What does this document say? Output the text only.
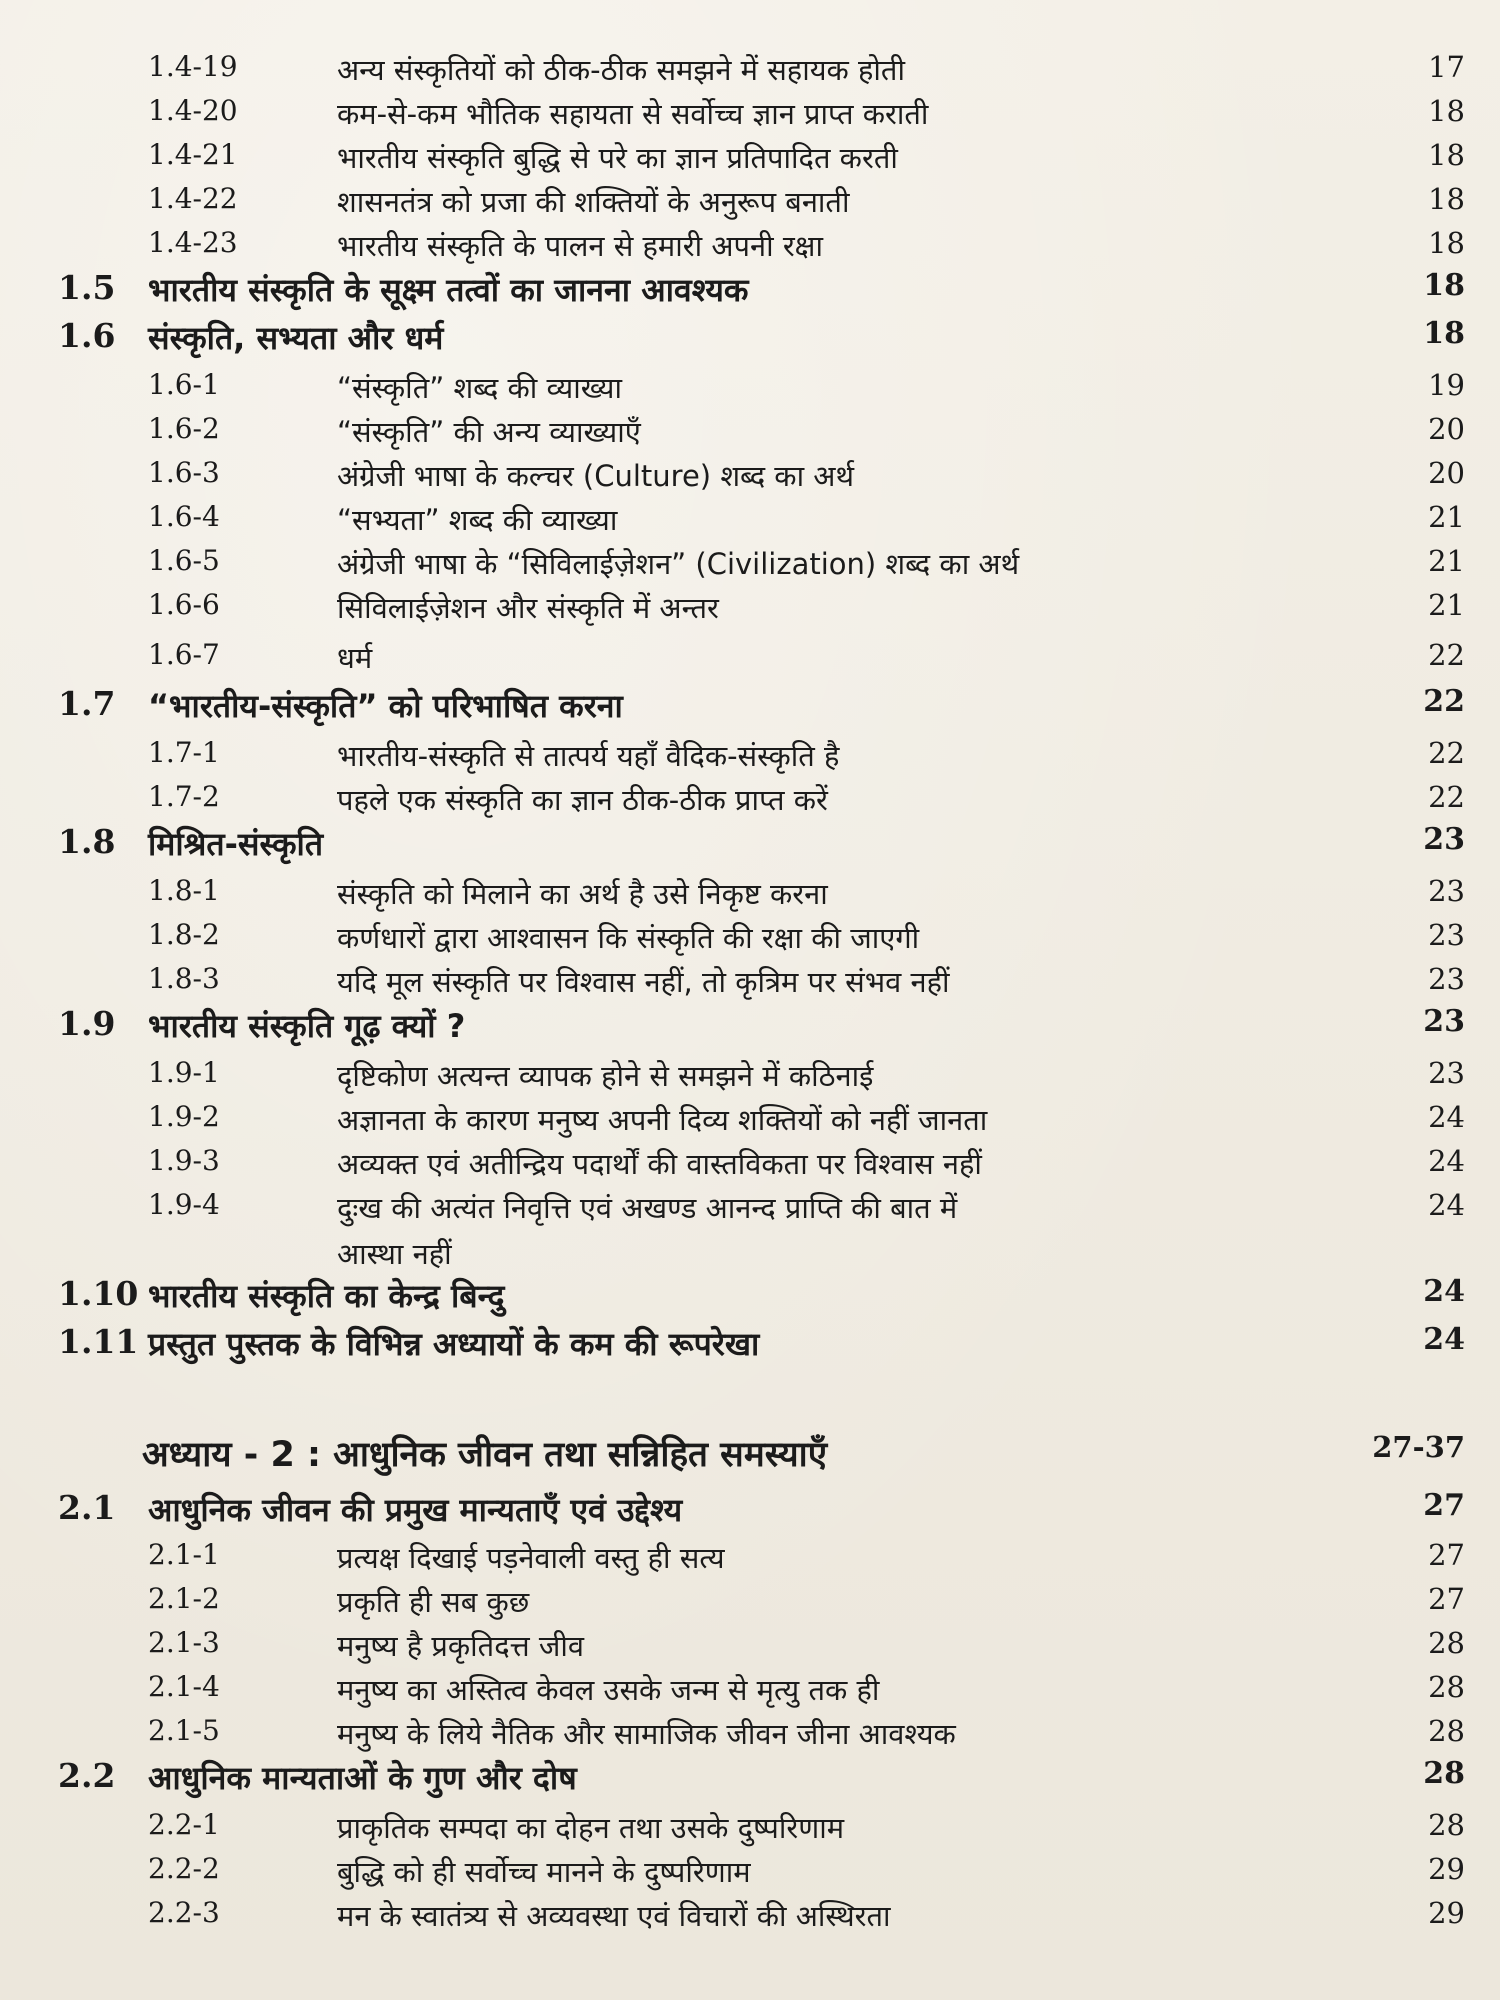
1.4-19	अन्य संस्कृतियों को ठीक-ठीक समझने में सहायक होती	17
1.4-20	कम-से-कम भौतिक सहायता से सर्वोच्च ज्ञान प्राप्त कराती	18
1.4-21	भारतीय संस्कृति बुद्धि से परे का ज्ञान प्रतिपादित करती	18
1.4-22	शासनतंत्र को प्रजा की शक्तियों के अनुरूप बनाती	18
1.4-23	भारतीय संस्कृति के पालन से हमारी अपनी रक्षा	18
1.5 भारतीय संस्कृति के सूक्ष्म तत्वों का जानना आवश्यक	18
1.6 संस्कृति, सभ्यता और धर्म	18
1.6-1	“संस्कृति” शब्द की व्याख्या	19
1.6-2	“संस्कृति” की अन्य व्याख्याएँ	20
1.6-3	अंग्रेजी भाषा के कल्चर (Culture) शब्द का अर्थ	20
1.6-4	“सभ्यता” शब्द की व्याख्या	21
1.6-5	अंग्रेजी भाषा के “सिविलाईज़ेशन” (Civilization) शब्द का अर्थ	21
1.6-6	सिविलाईज़ेशन और संस्कृति में अन्तर	21
1.6-7	धर्म	22
1.7 “भारतीय-संस्कृति” को परिभाषित करना	22
1.7-1	भारतीय-संस्कृति से तात्पर्य यहाँ वैदिक-संस्कृति है	22
1.7-2	पहले एक संस्कृति का ज्ञान ठीक-ठीक प्राप्त करें	22
1.8 मिश्रित-संस्कृति	23
1.8-1	संस्कृति को मिलाने का अर्थ है उसे निकृष्ट करना	23
1.8-2	कर्णधारों द्वारा आश्वासन कि संस्कृति की रक्षा की जाएगी	23
1.8-3	यदि मूल संस्कृति पर विश्वास नहीं, तो कृत्रिम पर संभव नहीं	23
1.9 भारतीय संस्कृति गूढ़ क्यों ?	23
1.9-1	दृष्टिकोण अत्यन्त व्यापक होने से समझने में कठिनाई	23
1.9-2	अज्ञानता के कारण मनुष्य अपनी दिव्य शक्तियों को नहीं जानता	24
1.9-3	अव्यक्त एवं अतीन्द्रिय पदार्थों की वास्तविकता पर विश्वास नहीं	24
1.9-4	दुःख की अत्यंत निवृत्ति एवं अखण्ड आनन्द प्राप्ति की बात में	24
आस्था नहीं
1.10 भारतीय संस्कृति का केन्द्र बिन्दु	24
1.11 प्रस्तुत पुस्तक के विभिन्न अध्यायों के कम की रूपरेखा	24
अध्याय - 2 : आधुनिक जीवन तथा सन्निहित समस्याएँ	27-37
2.1 आधुनिक जीवन की प्रमुख मान्यताएँ एवं उद्देश्य	27
2.1-1	प्रत्यक्ष दिखाई पड़नेवाली वस्तु ही सत्य	27
2.1-2	प्रकृति ही सब कुछ	27
2.1-3	मनुष्य है प्रकृतिदत्त जीव	28
2.1-4	मनुष्य का अस्तित्व केवल उसके जन्म से मृत्यु तक ही	28
2.1-5	मनुष्य के लिये नैतिक और सामाजिक जीवन जीना आवश्यक	28
2.2 आधुनिक मान्यताओं के गुण और दोष	28
2.2-1	प्राकृतिक सम्पदा का दोहन तथा उसके दुष्परिणाम	28
2.2-2	बुद्धि को ही सर्वोच्च मानने के दुष्परिणाम	29
2.2-3	मन के स्वातंत्र्य से अव्यवस्था एवं विचारों की अस्थिरता	29
